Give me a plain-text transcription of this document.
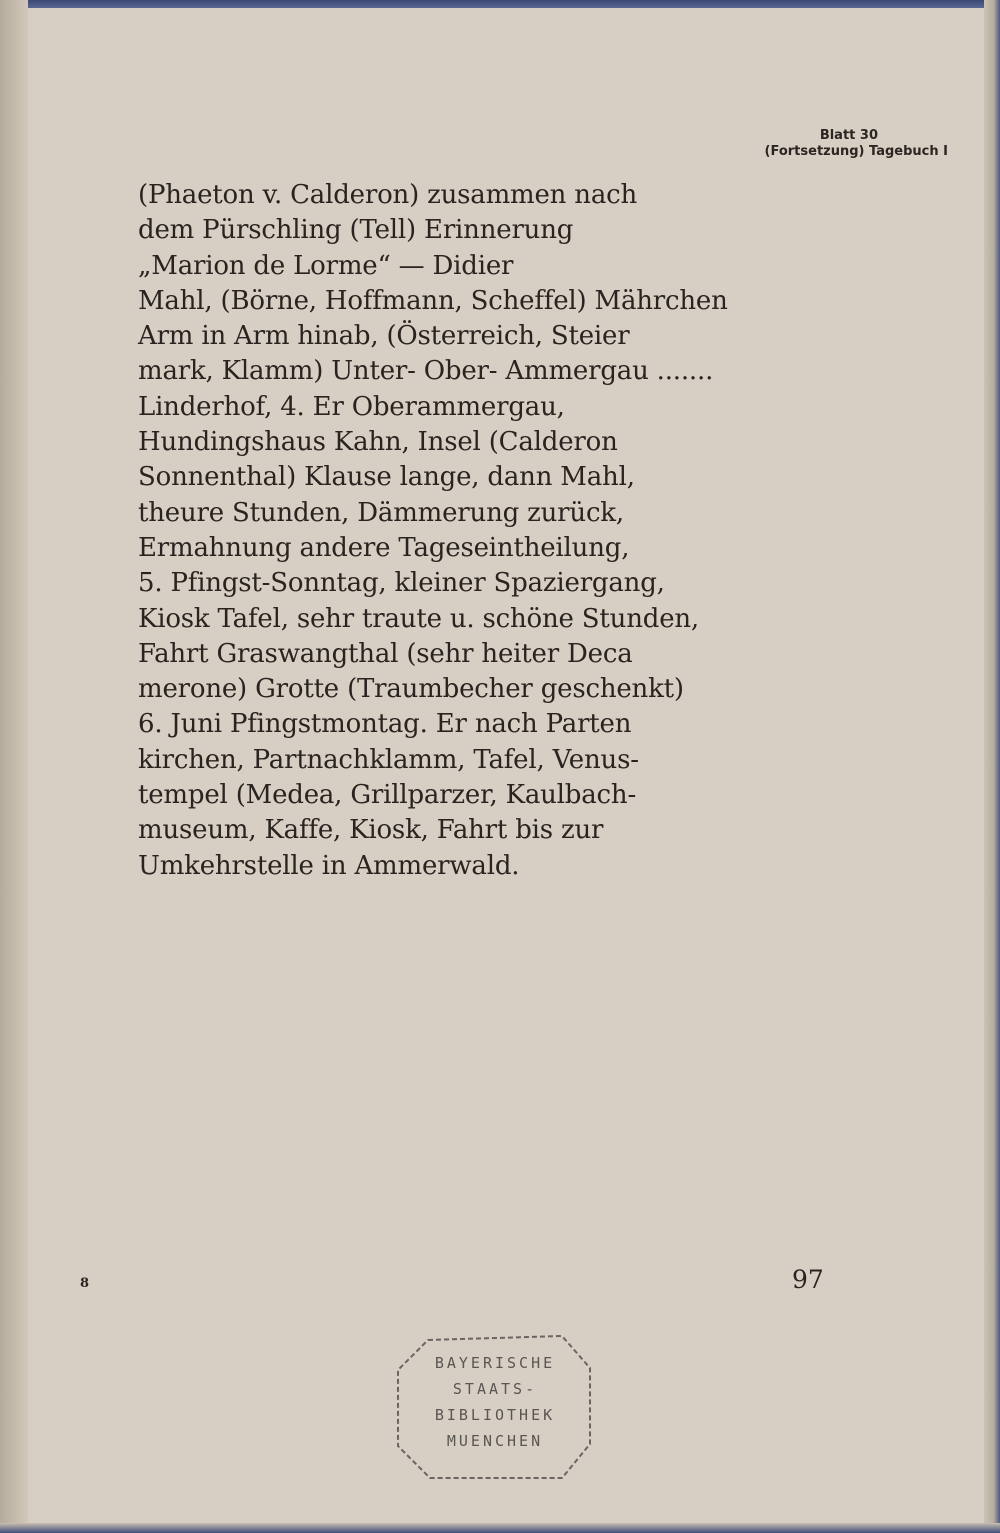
Blatt 30
(Fortsetzung) Tagebuch I
(Phaeton v. Calderon) zusammen nach
dem Pürschling (Tell) Erinnerung
„Marion de Lorme“ — Didier
Mahl, (Börne, Hoffmann, Scheffel) Mährchen
Arm in Arm hinab, (Österreich, Steier
mark, Klamm) Unter- Ober- Ammergau .......
Linderhof, 4. Er Oberammergau,
Hundingshaus Kahn, Insel (Calderon
Sonnenthal) Klause lange, dann Mahl,
theure Stunden, Dämmerung zurück,
Ermahnung andere Tageseintheilung,
5. Pfingst-Sonntag, kleiner Spaziergang,
Kiosk Tafel, sehr traute u. schöne Stunden,
Fahrt Graswangthal (sehr heiter Deca
merone) Grotte (Traumbecher geschenkt)
6. Juni Pfingstmontag. Er nach Parten
kirchen, Partnachklamm, Tafel, Venus-
tempel (Medea, Grillparzer, Kaulbach-
museum, Kaffe, Kiosk, Fahrt bis zur
Umkehrstelle in Ammerwald.
8	97
BAYERISCHE
STAATS-
BIBLIOTHEK
MUENCHEN
